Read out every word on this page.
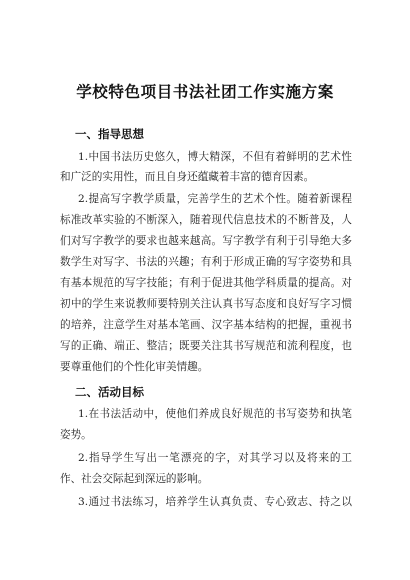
学校特色项目书法社团工作实施方案
一、指导思想
1.中国书法历史悠久，博大精深，不但有着鲜明的艺术性
和广泛的实用性，而且自身还蕴藏着丰富的德育因素。
2.提高写字教学质量，完善学生的艺术个性。随着新课程
标准改革实验的不断深入，随着现代信息技术的不断普及，人
们对写字教学的要求也越来越高。写字教学有利于引导绝大多
数学生对写字、书法的兴趣；有利于形成正确的写字姿势和具
有基本规范的写字技能；有利于促进其他学科质量的提高。对
初中的学生来说教师要特别关注认真书写态度和良好写字习惯
的培养，注意学生对基本笔画、汉字基本结构的把握，重视书
写的正确、端正、整洁；既要关注其书写规范和流利程度，也
要尊重他们的个性化审美情趣。
二、活动目标
1.在书法活动中，使他们养成良好规范的书写姿势和执笔
姿势。
2.指导学生写出一笔漂亮的字，对其学习以及将来的工
作、社会交际起到深远的影响。
3.通过书法练习，培养学生认真负责、专心致志、持之以
